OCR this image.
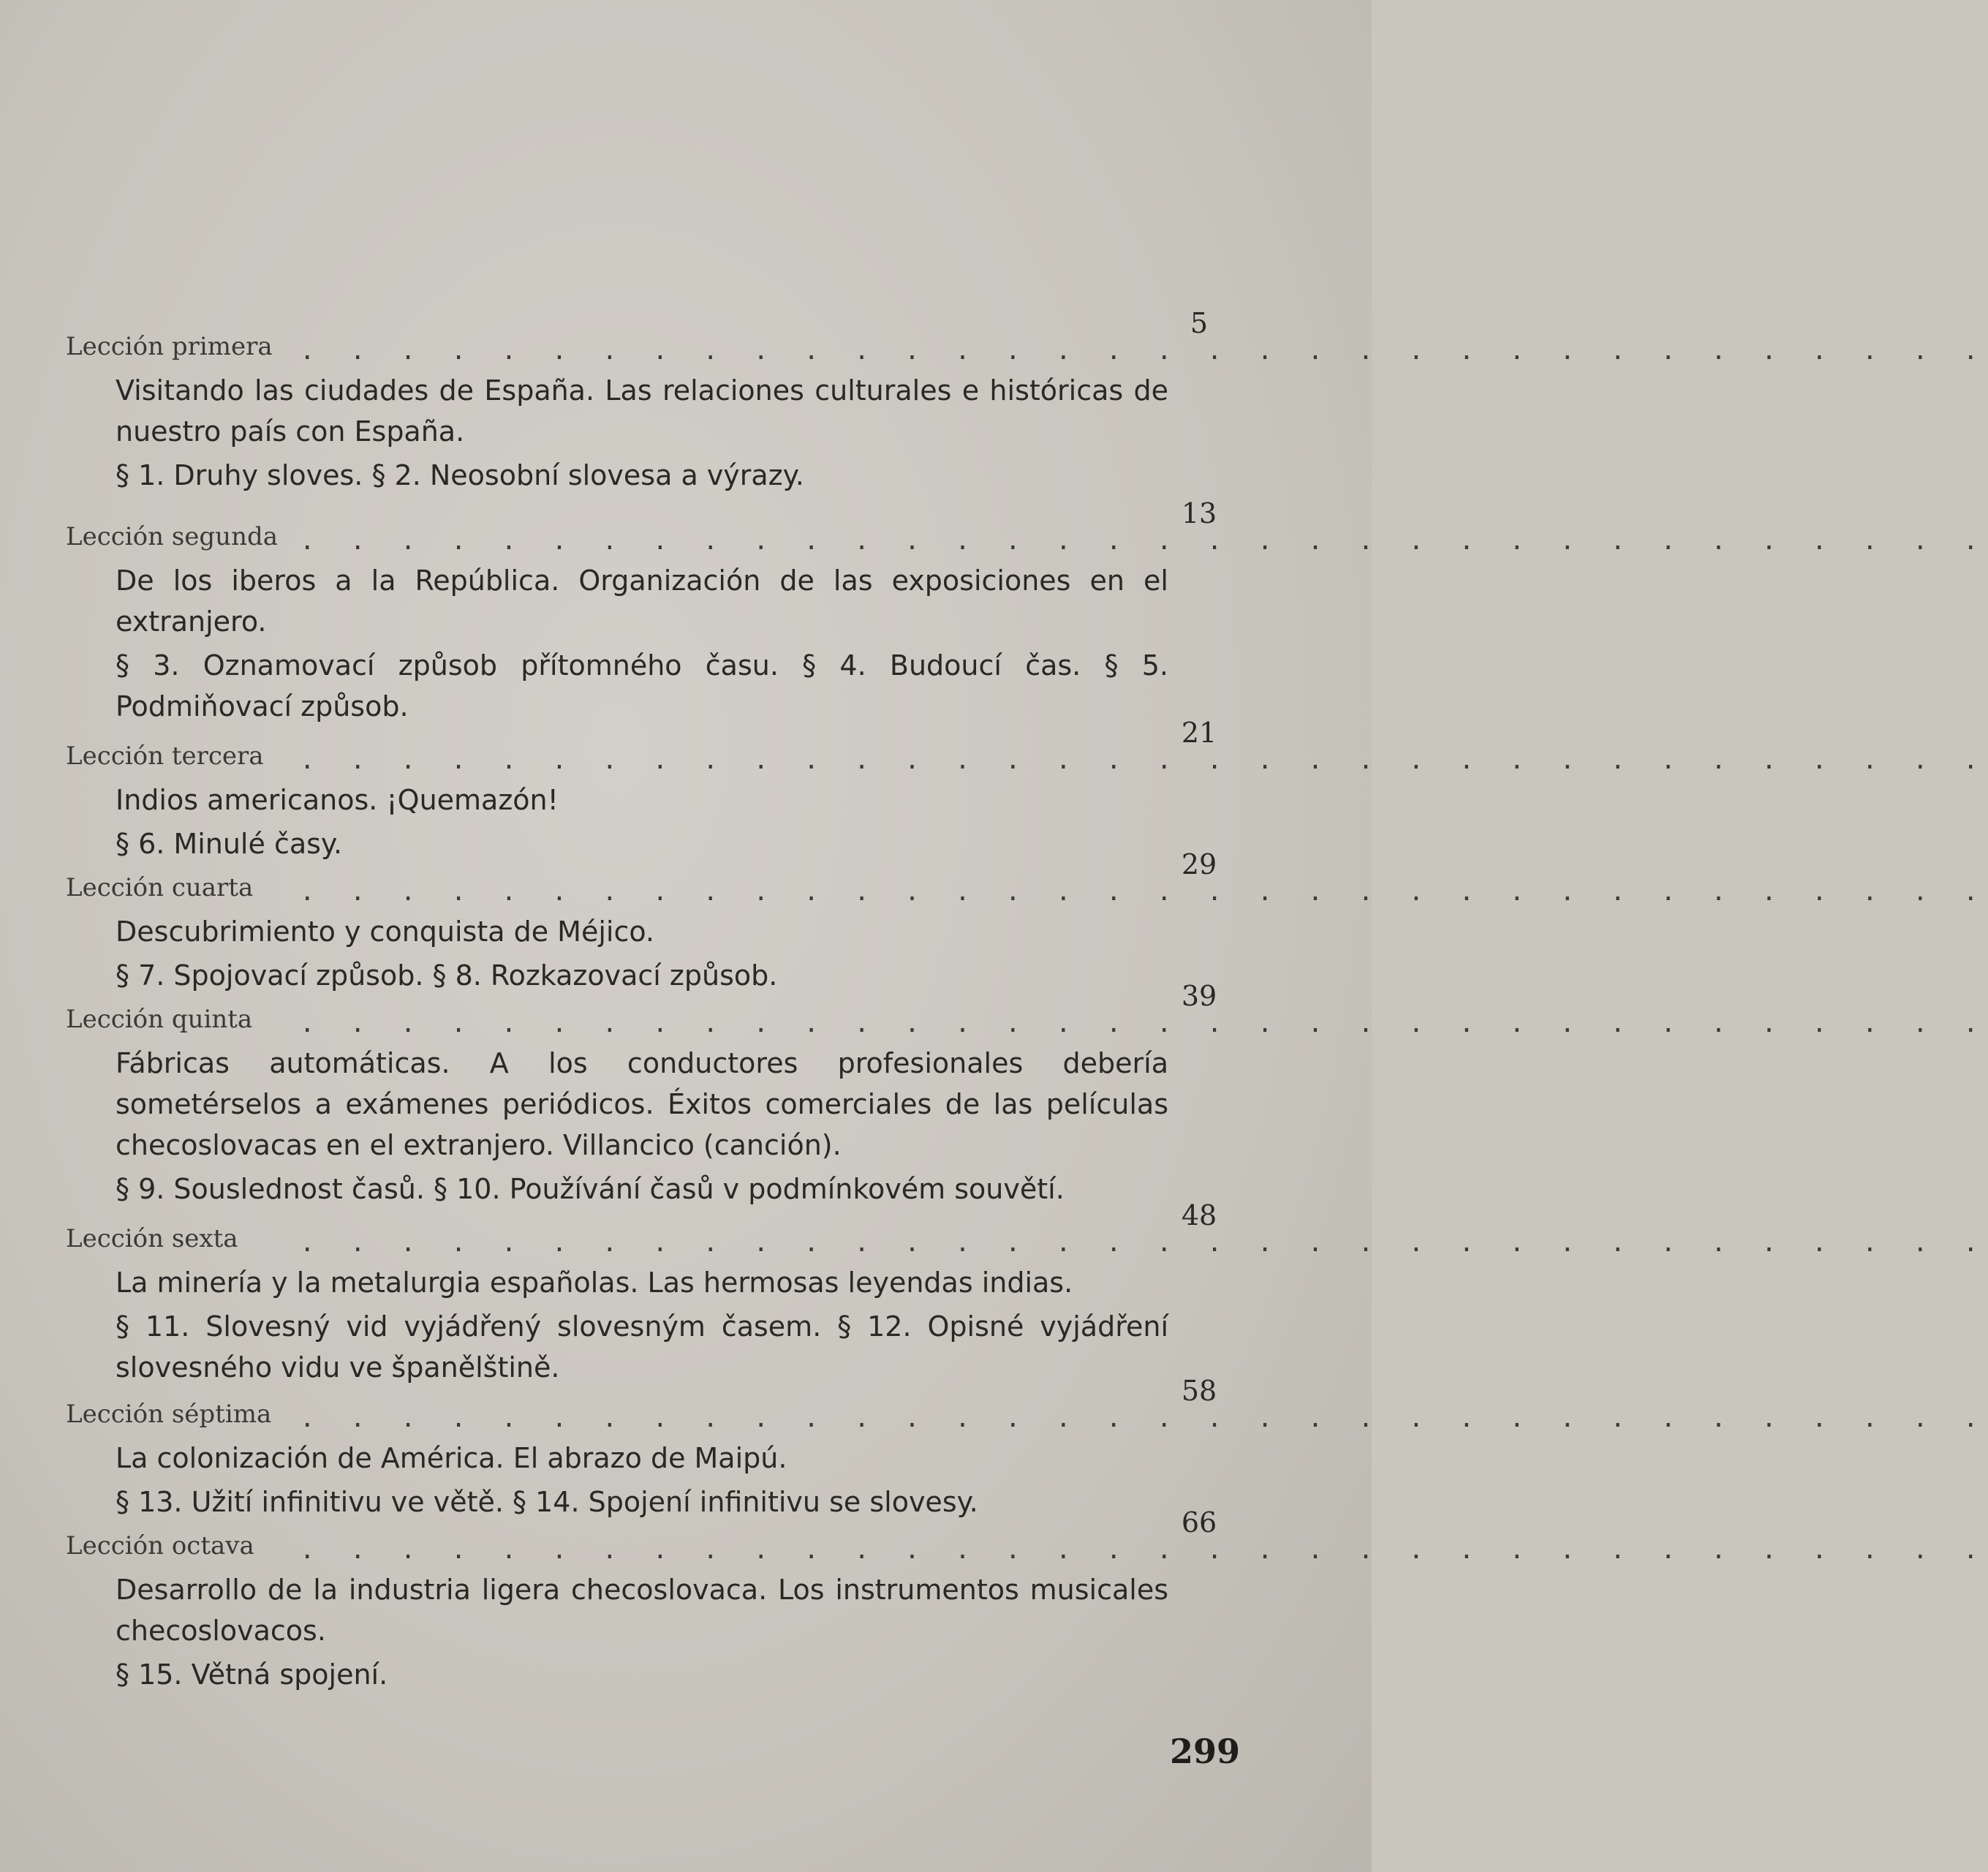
Lección primera . . . . . . . . . . . . . . . . . . . . . . . . . . . . . . . . . .
5
Visitando las ciudades de España. Las relaciones culturales e históricas de nuestro país con España.
§ 1. Druhy sloves. § 2. Neosobní slovesa a výrazy.
Lección segunda . . . . . . . . . . . . . . . . . . . . . . . . . . . . . . . . . .
13
De los iberos a la República. Organización de las exposiciones en el extranjero.
§ 3. Oznamovací způsob přítomného času. § 4. Budoucí čas. § 5. Podmiňovací způsob.
Lección tercera . . . . . . . . . . . . . . . . . . . . . . . . . . . . . . . . . .
21
Indios americanos. ¡Quemazón!
§ 6. Minulé časy.
Lección cuarta . . . . . . . . . . . . . . . . . . . . . . . . . . . . . . . . . .
29
Descubrimiento y conquista de Méjico.
§ 7. Spojovací způsob. § 8. Rozkazovací způsob.
Lección quinta . . . . . . . . . . . . . . . . . . . . . . . . . . . . . . . . . .
39
Fábricas automáticas. A los conductores profesionales debería sometérselos a exámenes periódicos. Éxitos comerciales de las películas checoslovacas en el extranjero. Villancico (canción).
§ 9. Souslednost časů. § 10. Používání časů v podmínkovém souvětí.
Lección sexta . . . . . . . . . . . . . . . . . . . . . . . . . . . . . . . . . .
48
La minería y la metalurgia españolas. Las hermosas leyendas indias.
§ 11. Slovesný vid vyjádřený slovesným časem. § 12. Opisné vyjádření slovesného vidu ve španělštině.
Lección séptima . . . . . . . . . . . . . . . . . . . . . . . . . . . . . . . . . .
58
La colonización de América. El abrazo de Maipú.
§ 13. Užití infinitivu ve větě. § 14. Spojení infinitivu se slovesy.
Lección octava . . . . . . . . . . . . . . . . . . . . . . . . . . . . . . . . . .
66
Desarrollo de la industria ligera checoslovaca. Los instrumentos musicales checoslovacos.
§ 15. Větná spojení.
299
